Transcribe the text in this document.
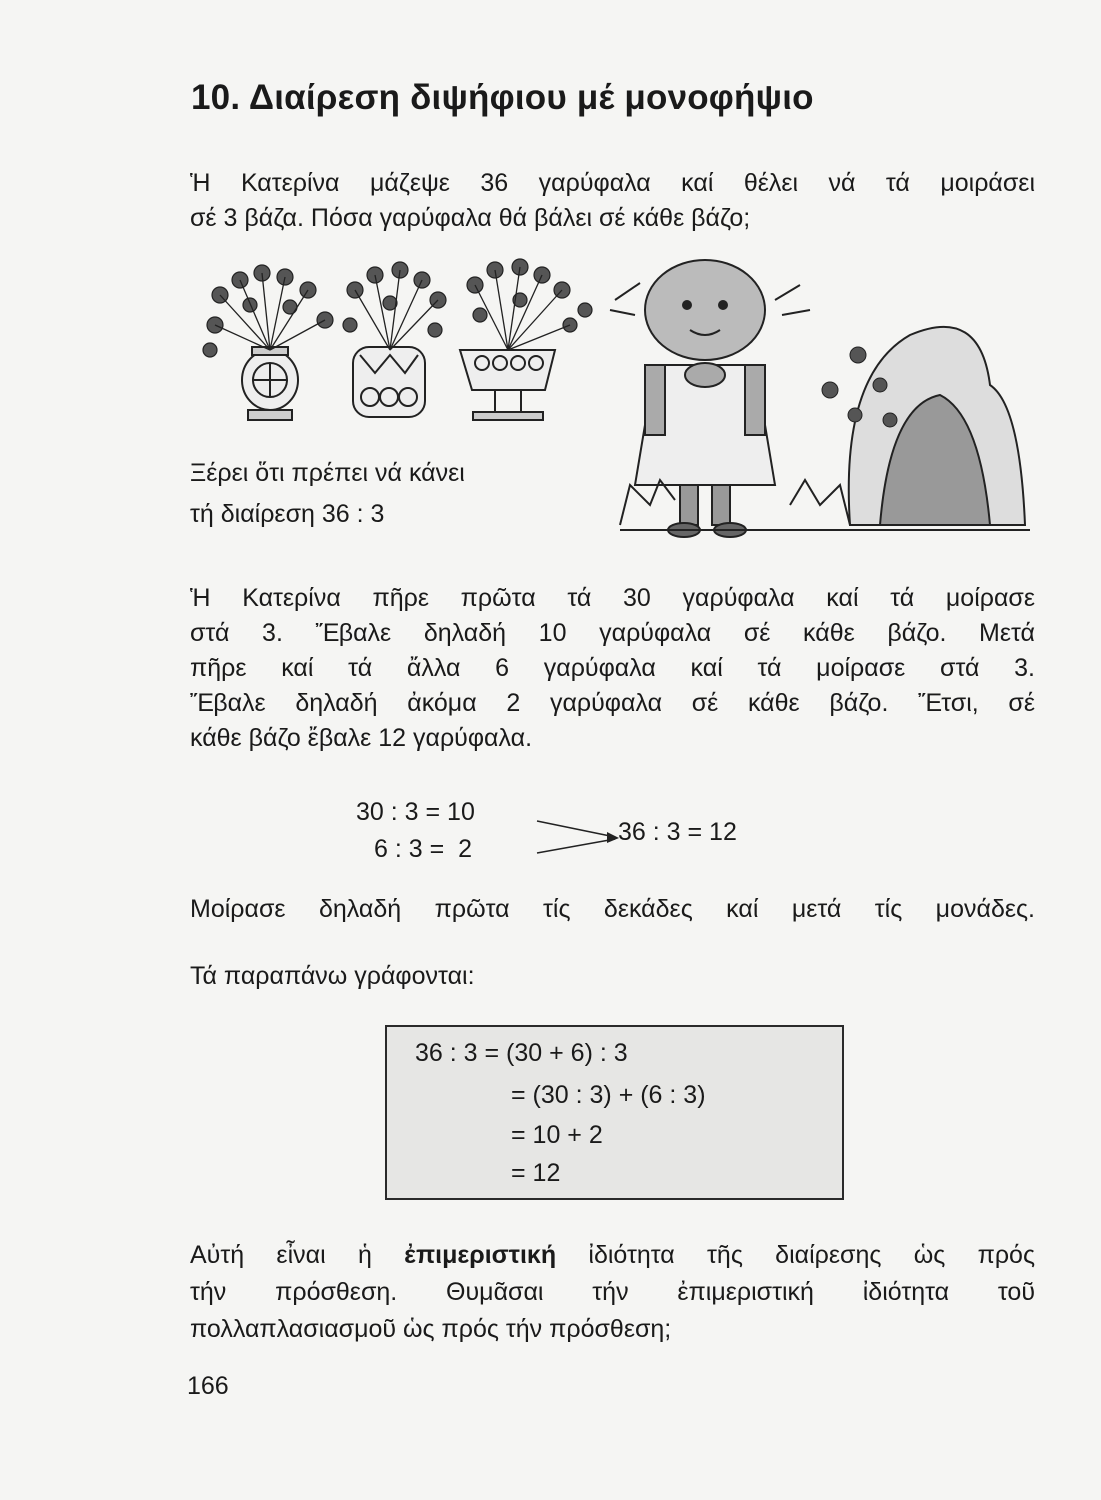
10. Διαίρεση διψήφιου μέ μονοφήψιο
Ἡ Κατερίνα μάζεψε 36 γαρύφαλα καί θέλει νά τά μοιράσει
σέ 3 βάζα. Πόσα γαρύφαλα θά βάλει σέ κάθε βάζο;
Ξέρει ὅτι πρέπει νά κάνει
τή διαίρεση 36 : 3
Ἡ Κατερίνα πῆρε πρῶτα τά 30 γαρύφαλα καί τά μοίρασε
στά 3. Ἔβαλε δηλαδή 10 γαρύφαλα σέ κάθε βάζο. Μετά
πῆρε καί τά ἄλλα 6 γαρύφαλα καί τά μοίρασε στά 3.
Ἔβαλε δηλαδή ἀκόμα 2 γαρύφαλα σέ κάθε βάζο. Ἔτσι, σέ
κάθε βάζο ἔβαλε 12 γαρύφαλα.
30 : 3 = 10
6 : 3 =  2
36 : 3 = 12
Μοίρασε δηλαδή πρῶτα τίς δεκάδες καί μετά τίς μονάδες.
Τά παραπάνω γράφονται:
36 : 3 = (30 + 6) : 3
= (30 : 3) + (6 : 3)
= 10 + 2
= 12
Αὐτή εἶναι ἡ ἐπιμεριστική ἰδιότητα τῆς διαίρεσης ὡς πρός
τήν πρόσθεση. Θυμᾶσαι τήν ἐπιμεριστική ἰδιότητα τοῦ
πολλαπλασιασμοῦ ὡς πρός τήν πρόσθεση;
166
